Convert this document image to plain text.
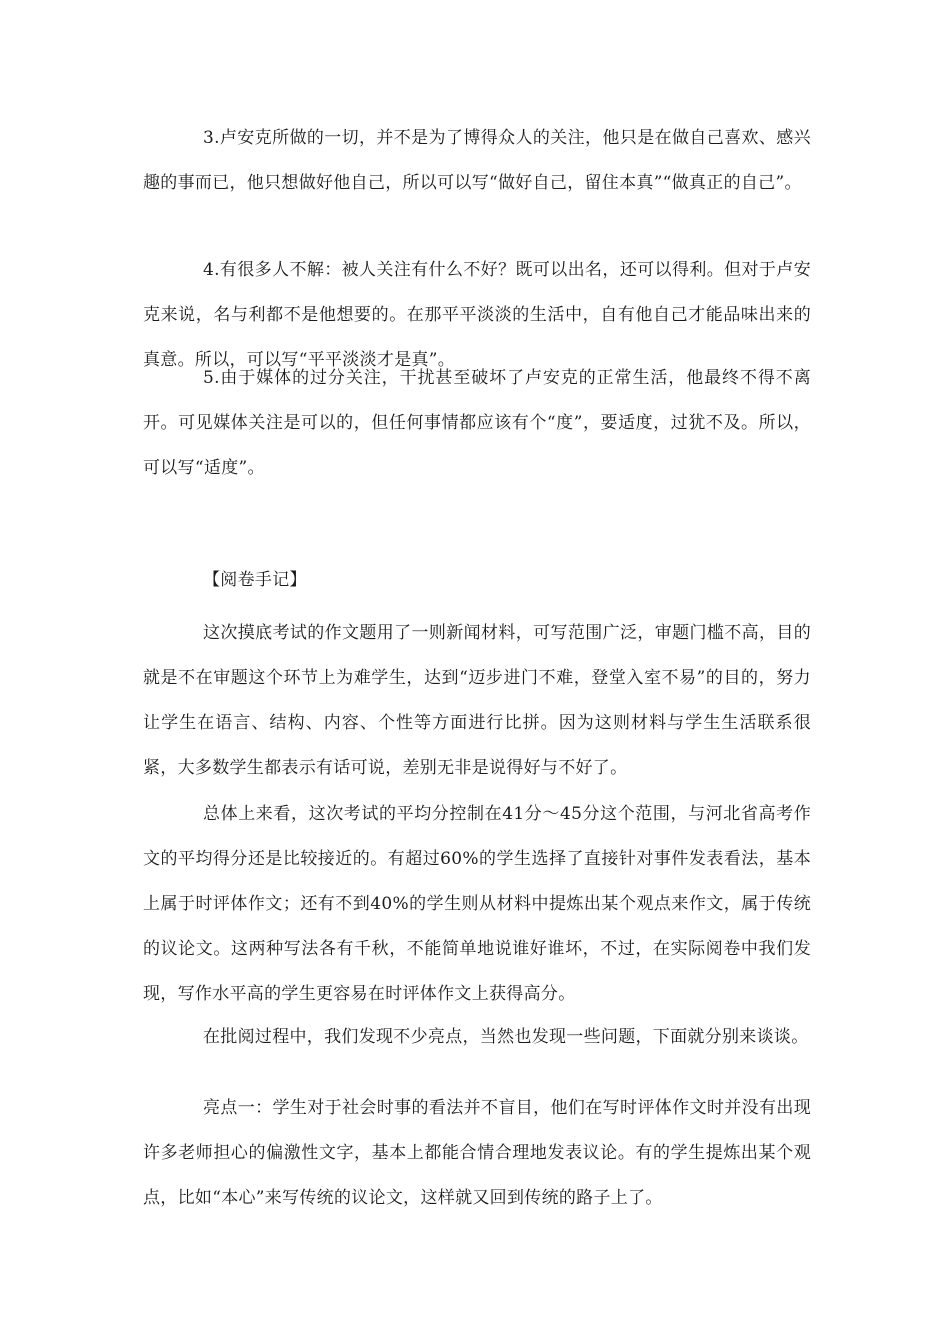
3.卢安克所做的一切，并不是为了博得众人的关注，他只是在做自己喜欢、感兴趣的事而已，他只想做好他自己，所以可以写“做好自己，留住本真”“做真正的自己”。

4.有很多人不解：被人关注有什么不好？既可以出名，还可以得利。但对于卢安克来说，名与利都不是他想要的。在那平平淡淡的生活中，自有他自己才能品味出来的真意。所以，可以写“平平淡淡才是真”。

5.由于媒体的过分关注，干扰甚至破坏了卢安克的正常生活，他最终不得不离开。可见媒体关注是可以的，但任何事情都应该有个“度”，要适度，过犹不及。所以，可以写“适度”。

【阅卷手记】

这次摸底考试的作文题用了一则新闻材料，可写范围广泛，审题门槛不高，目的就是不在审题这个环节上为难学生，达到“迈步进门不难，登堂入室不易”的目的，努力让学生在语言、结构、内容、个性等方面进行比拼。因为这则材料与学生生活联系很紧，大多数学生都表示有话可说，差别无非是说得好与不好了。

总体上来看，这次考试的平均分控制在41分～45分这个范围，与河北省高考作文的平均得分还是比较接近的。有超过60%的学生选择了直接针对事件发表看法，基本上属于时评体作文；还有不到40%的学生则从材料中提炼出某个观点来作文，属于传统的议论文。这两种写法各有千秋，不能简单地说谁好谁坏，不过，在实际阅卷中我们发现，写作水平高的学生更容易在时评体作文上获得高分。

在批阅过程中，我们发现不少亮点，当然也发现一些问题，下面就分别来谈谈。

亮点一：学生对于社会时事的看法并不盲目，他们在写时评体作文时并没有出现许多老师担心的偏激性文字，基本上都能合情合理地发表议论。有的学生提炼出某个观点，比如“本心”来写传统的议论文，这样就又回到传统的路子上了。
